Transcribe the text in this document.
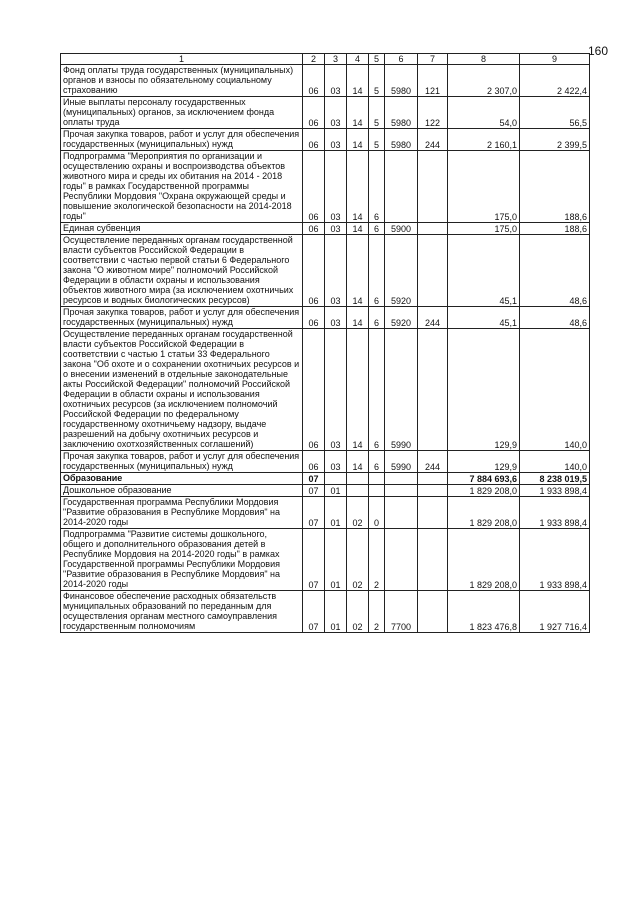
160
1	2	3	4	5	6	7	8	9
Фонд оплаты труда государственных (муниципальных) органов и взносы по обязательному социальному страхованию	06	03	14	5	5980	121	2 307,0	2 422,4
Иные выплаты персоналу государственных (муниципальных) органов, за исключением фонда оплаты труда	06	03	14	5	5980	122	54,0	56,5
Прочая закупка товаров, работ и услуг для обеспечения государственных (муниципальных) нужд	06	03	14	5	5980	244	2 160,1	2 399,5
Подпрограмма "Мероприятия по организации и осуществлению охраны и воспроизводства объектов животного мира и среды их обитания на 2014 - 2018 годы" в рамках Государственной программы Республики Мордовия "Охрана окружающей среды и повышение экологической безопасности на 2014-2018 годы"	06	03	14	6			175,0	188,6
Единая субвенция	06	03	14	6	5900		175,0	188,6
Осуществление переданных органам государственной власти субъектов Российской Федерации в соответствии с частью первой статьи 6 Федерального закона "О животном мире" полномочий Российской Федерации в области охраны и использования объектов животного мира (за исключением охотничьих ресурсов и водных биологических ресурсов)	06	03	14	6	5920		45,1	48,6
Прочая закупка товаров, работ и услуг для обеспечения государственных (муниципальных) нужд	06	03	14	6	5920	244	45,1	48,6
Осуществление переданных органам государственной власти субъектов Российской Федерации в соответствии с частью 1 статьи 33 Федерального закона "Об охоте и о сохранении охотничьих ресурсов и о внесении изменений в отдельные законодательные акты Российской Федерации" полномочий Российской Федерации в области охраны и использования охотничьих ресурсов (за исключением полномочий Российской Федерации по федеральному государственному охотничьему надзору, выдаче разрешений на добычу охотничьих ресурсов и заключению охотхозяйственных соглашений)	06	03	14	6	5990		129,9	140,0
Прочая закупка товаров, работ и услуг для обеспечения государственных (муниципальных) нужд	06	03	14	6	5990	244	129,9	140,0
Образование	07						7 884 693,6	8 238 019,5
Дошкольное образование	07	01					1 829 208,0	1 933 898,4
Государственная программа Республики Мордовия "Развитие образования в Республике Мордовия" на 2014-2020 годы	07	01	02	0			1 829 208,0	1 933 898,4
Подпрограмма "Развитие системы дошкольного, общего и дополнительного образования детей в Республике Мордовия на 2014-2020 годы" в рамках Государственной программы Республики Мордовия "Развитие образования в Республике Мордовия" на 2014-2020 годы	07	01	02	2			1 829 208,0	1 933 898,4
Финансовое обеспечение расходных обязательств муниципальных образований по переданным для осуществления органам местного самоуправления государственным полномочиям	07	01	02	2	7700		1 823 476,8	1 927 716,4
